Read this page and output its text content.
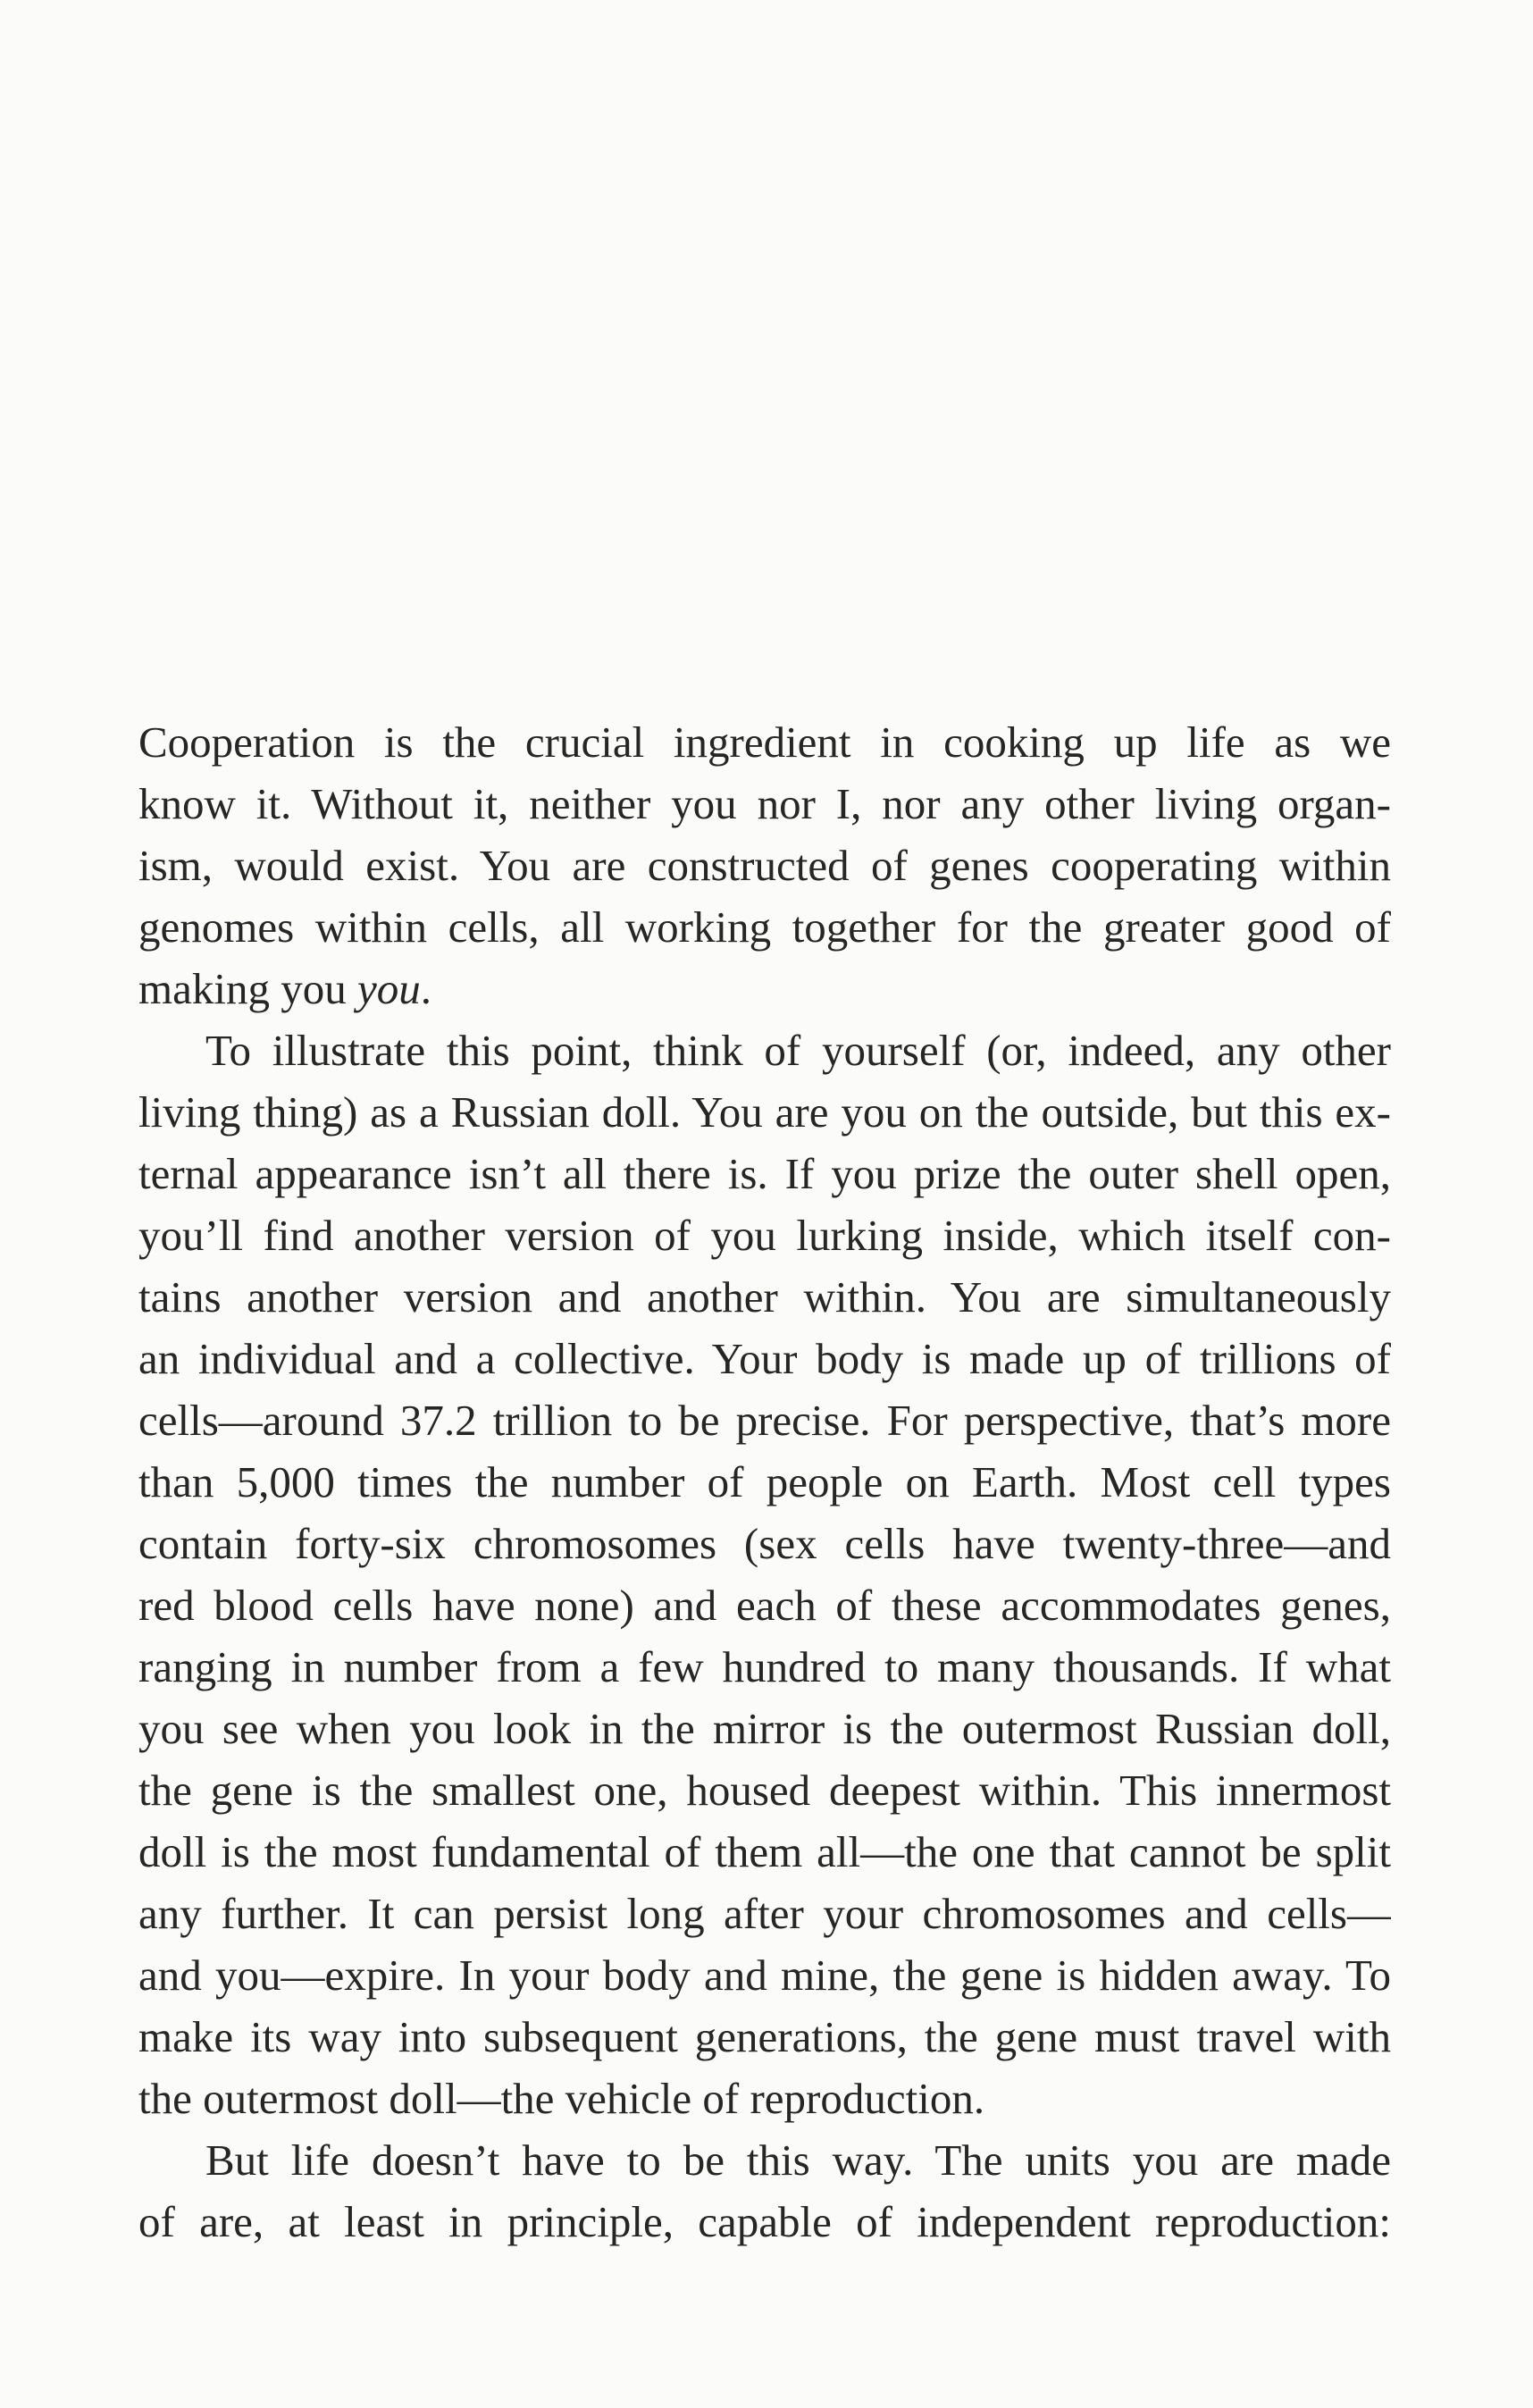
Cooperation is the crucial ingredient in cooking up life as we
know it. Without it, neither you nor I, nor any other living organ-
ism, would exist. You are constructed of genes cooperating within
genomes within cells, all working together for the greater good of
making you you.

To illustrate this point, think of yourself (or, indeed, any other
living thing) as a Russian doll. You are you on the outside, but this ex-
ternal appearance isn’t all there is. If you prize the outer shell open,
you’ll find another version of you lurking inside, which itself con-
tains another version and another within. You are simultaneously
an individual and a collective. Your body is made up of trillions of
cells—around 37.2 trillion to be precise. For perspective, that’s more
than 5,000 times the number of people on Earth. Most cell types
contain forty-six chromosomes (sex cells have twenty-three—and
red blood cells have none) and each of these accommodates genes,
ranging in number from a few hundred to many thousands. If what
you see when you look in the mirror is the outermost Russian doll,
the gene is the smallest one, housed deepest within. This innermost
doll is the most fundamental of them all—the one that cannot be split
any further. It can persist long after your chromosomes and cells—
and you—expire. In your body and mine, the gene is hidden away. To
make its way into subsequent generations, the gene must travel with
the outermost doll—the vehicle of reproduction.

But life doesn’t have to be this way. The units you are made
of are, at least in principle, capable of independent reproduction:
